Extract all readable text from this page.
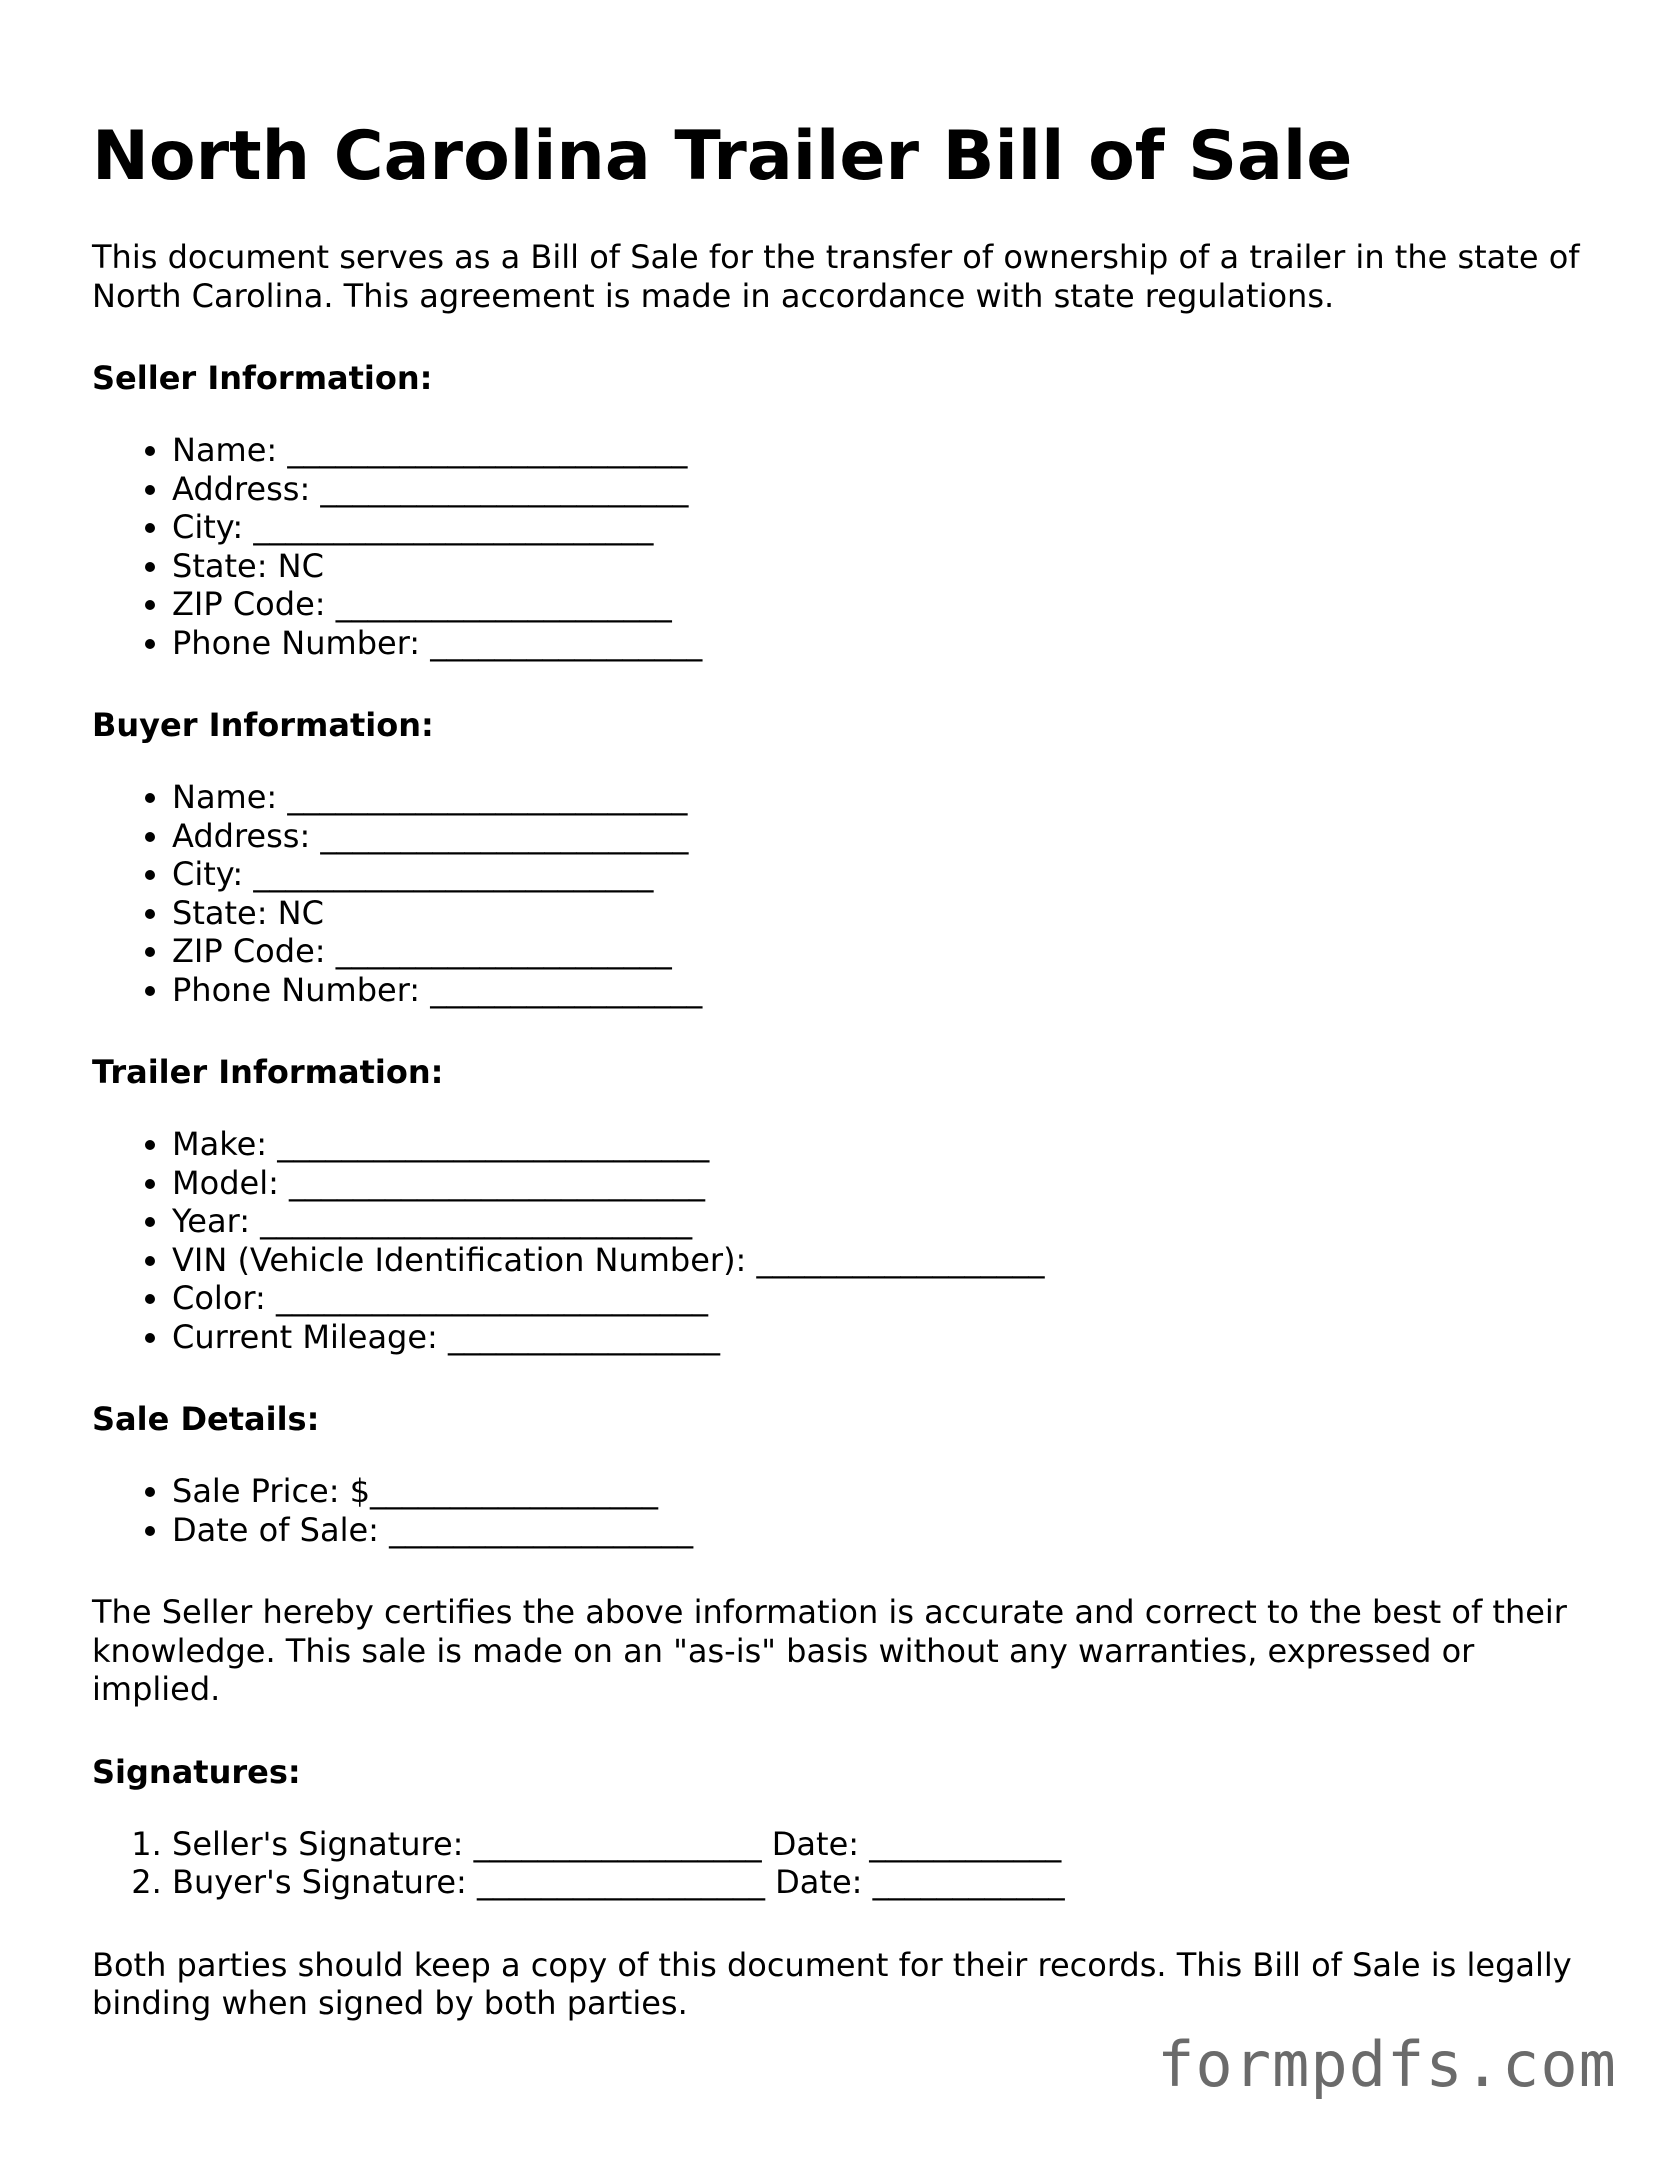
North Carolina Trailer Bill of Sale

This document serves as a Bill of Sale for the transfer of ownership of a trailer in the state of North Carolina. This agreement is made in accordance with state regulations.

Seller Information:
• Name: _________________________
• Address: _______________________
• City: _________________________
• State: NC
• ZIP Code: _____________________
• Phone Number: _________________
Buyer Information:
• Name: _________________________
• Address: _______________________
• City: _________________________
• State: NC
• ZIP Code: _____________________
• Phone Number: _________________
Trailer Information:
• Make: ___________________________
• Model: __________________________
• Year: ___________________________
• VIN (Vehicle Identification Number): __________________
• Color: ___________________________
• Current Mileage: _________________
Sale Details:
• Sale Price: $__________________
• Date of Sale: ___________________

The Seller hereby certifies the above information is accurate and correct to the best of their knowledge. This sale is made on an "as-is" basis without any warranties, expressed or implied.

Signatures:
1. Seller's Signature: __________________ Date: ____________
2. Buyer's Signature: __________________ Date: ____________

Both parties should keep a copy of this document for their records. This Bill of Sale is legally binding when signed by both parties.

formpdfs.com
